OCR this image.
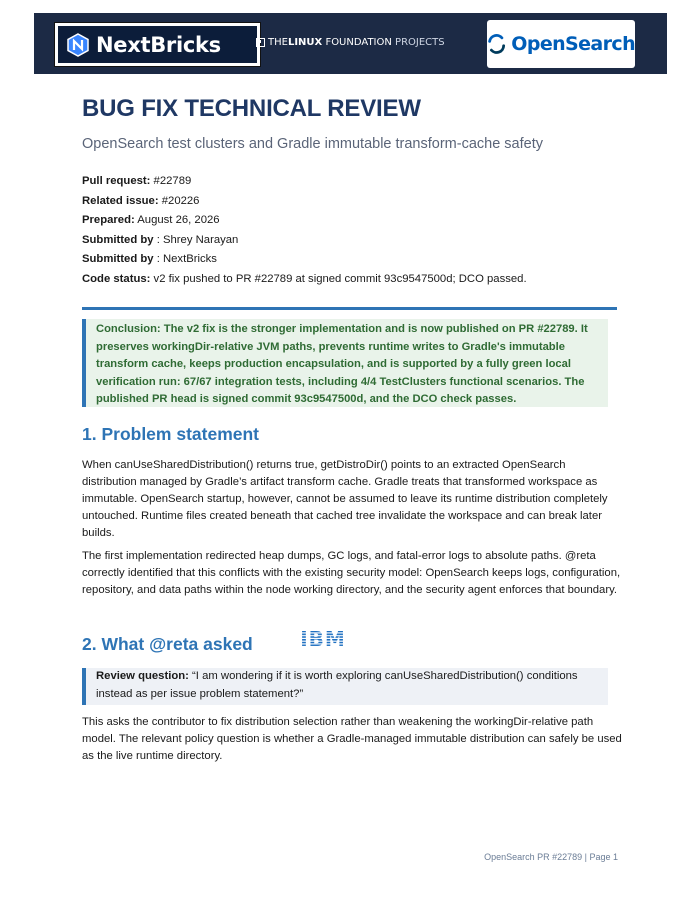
NextBricks	THE LINUX
FOUNDATION
PROJECTS	OpenSearch
BUG FIX TECHNICAL REVIEW

OpenSearch test clusters and Gradle immutable transform-cache safety

Pull request: #22789
Related issue: #20226
Prepared: August 26, 2026
Submitted by : Shrey Narayan
Submitted by : NextBricks
Code status: v2 fix pushed to PR #22789 at signed commit 93c9547500d; DCO passed.

Conclusion: The v2 fix is the stronger implementation and is now published on PR #22789. It preserves workingDir-relative JVM paths, prevents runtime writes to Gradle's immutable transform cache, keeps production encapsulation, and is supported by a fully green local verification run: 67/67 integration tests, including 4/4 TestClusters functional scenarios. The published PR head is signed commit 93c9547500d, and the DCO check passes.

1. Problem statement

When canUseSharedDistribution() returns true, getDistroDir() points to an extracted OpenSearch distribution managed by Gradle’s artifact transform cache. Gradle treats that transformed workspace as immutable. OpenSearch startup, however, cannot be assumed to leave its runtime distribution completely untouched. Runtime files created beneath that cached tree invalidate the workspace and can break later builds.

The first implementation redirected heap dumps, GC logs, and fatal-error logs to absolute paths. @reta correctly identified that this conflicts with the existing security model: OpenSearch keeps logs, configuration, repository, and data paths within the node working directory, and the security agent enforces that boundary.

2. What @reta asked IBM

Review question: “I am wondering if it is worth exploring canUseSharedDistribution() conditions instead as per issue problem statement?”

This asks the contributor to fix distribution selection rather than weakening the workingDir-relative path model. The relevant policy question is whether a Gradle-managed immutable distribution can safely be used as the live runtime directory.

OpenSearch PR #22789 | Page 1
